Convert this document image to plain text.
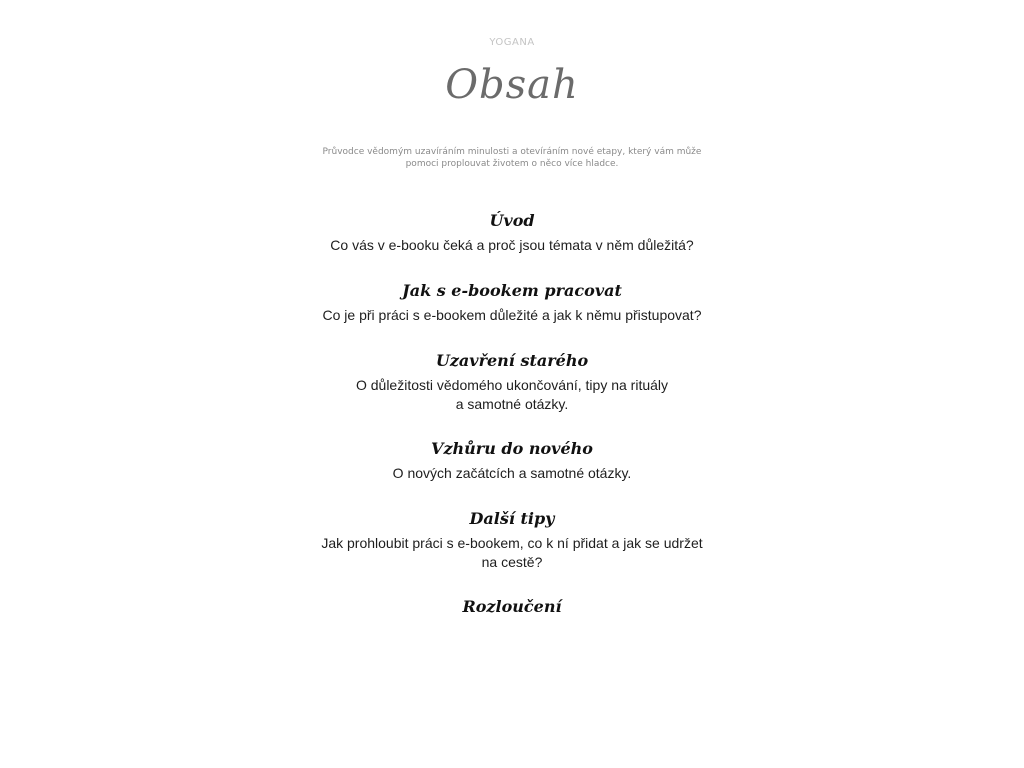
YOGANA
Obsah
Průvodce vědomým uzavíráním minulosti a otevíráním nové etapy, který vám může pomoci proplouvat životem o něco více hladce.
Úvod
Co vás v e-booku čeká a proč jsou témata v něm důležitá?
Jak s e-bookem pracovat
Co je při práci s e-bookem důležité a jak k němu přistupovat?
Uzavření starého
O důležitosti vědomého ukončování, tipy na rituály
a samotné otázky.
Vzhůru do nového
O nových začátcích a samotné otázky.
Další tipy
Jak prohloubit práci s e-bookem, co k ní přidat a jak se udržet
na cestě?
Rozloučení
